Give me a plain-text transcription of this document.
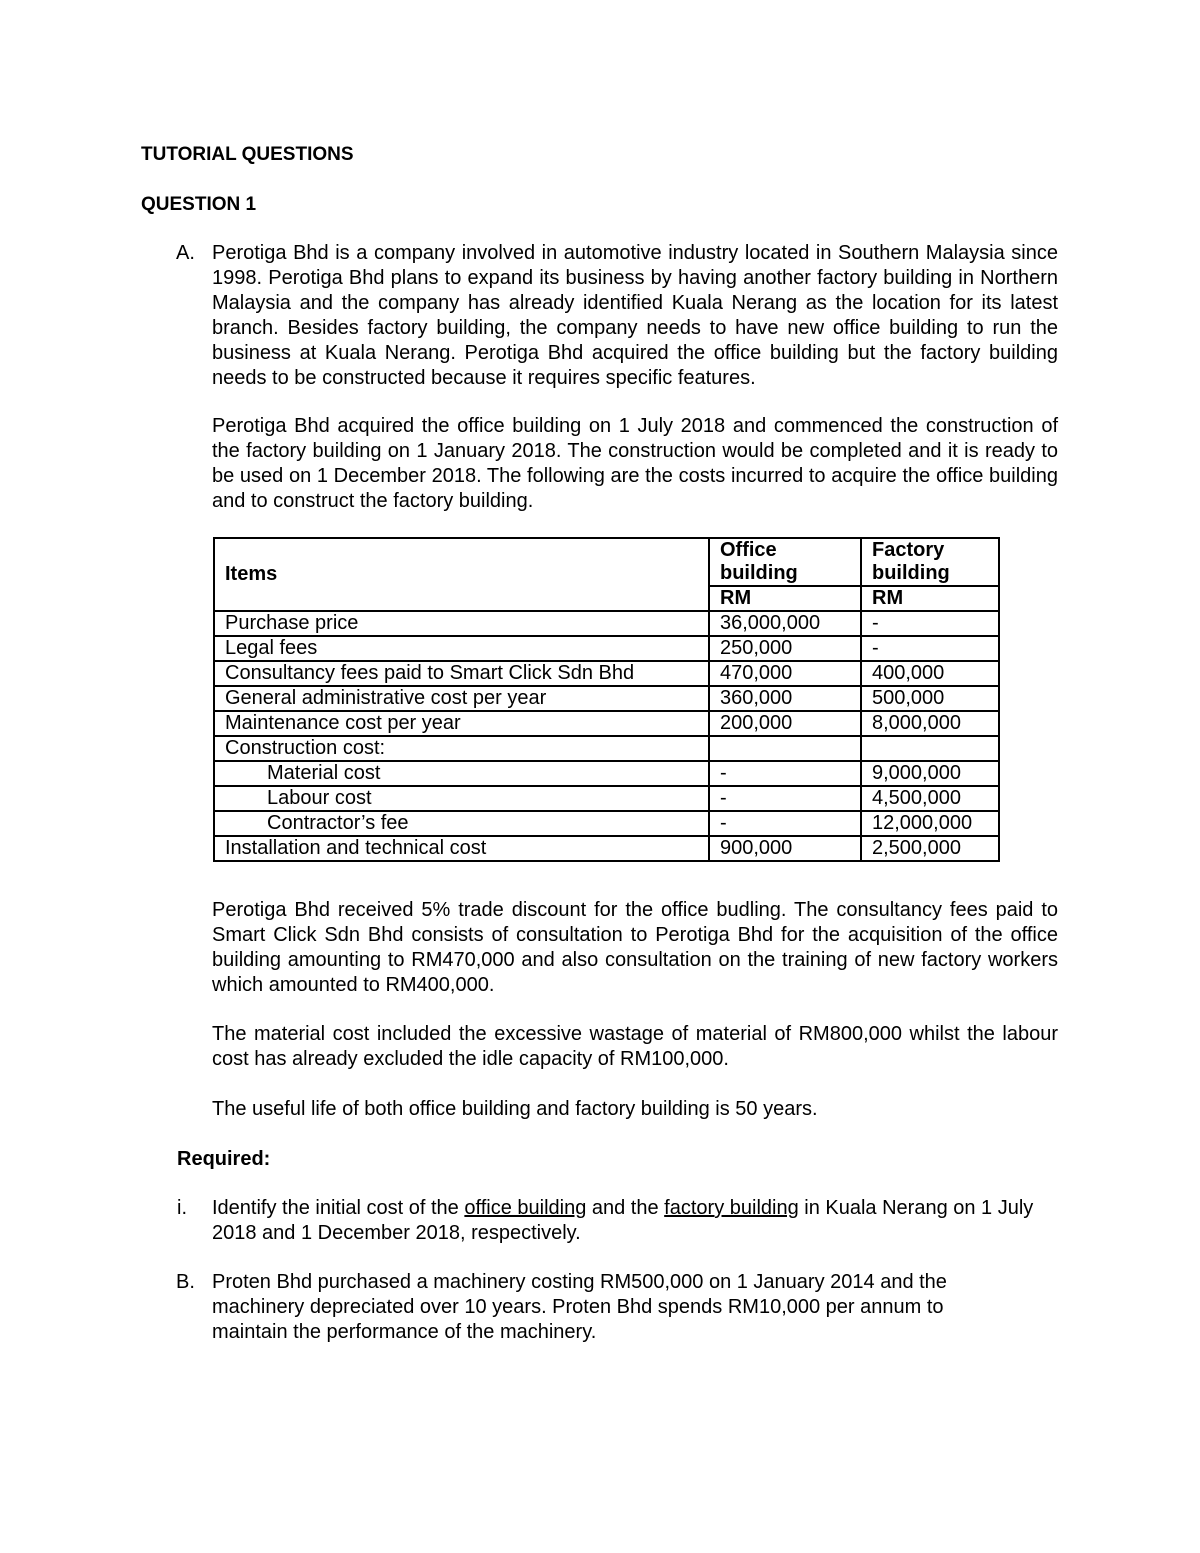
TUTORIAL QUESTIONS
QUESTION 1
A. Perotiga Bhd is a company involved in automotive industry located in Southern Malaysia since 1998. Perotiga Bhd plans to expand its business by having another factory building in Northern Malaysia and the company has already identified Kuala Nerang as the location for its latest branch. Besides factory building, the company needs to have new office building to run the business at Kuala Nerang. Perotiga Bhd acquired the office building but the factory building needs to be constructed because it requires specific features.

Perotiga Bhd acquired the office building on 1 July 2018 and commenced the construction of the factory building on 1 January 2018. The construction would be completed and it is ready to be used on 1 December 2018. The following are the costs incurred to acquire the office building and to construct the factory building.

Items	Office building	Factory building
	RM	RM
Purchase price	36,000,000	-
Legal fees	250,000	-
Consultancy fees paid to Smart Click Sdn Bhd	470,000	400,000
General administrative cost per year	360,000	500,000
Maintenance cost per year	200,000	8,000,000
Construction cost:		
Material cost	-	9,000,000
Labour cost	-	4,500,000
Contractor’s fee	-	12,000,000
Installation and technical cost	900,000	2,500,000

Perotiga Bhd received 5% trade discount for the office budling. The consultancy fees paid to Smart Click Sdn Bhd consists of consultation to Perotiga Bhd for the acquisition of the office building amounting to RM470,000 and also consultation on the training of new factory workers which amounted to RM400,000.

The material cost included the excessive wastage of material of RM800,000 whilst the labour cost has already excluded the idle capacity of RM100,000.

The useful life of both office building and factory building is 50 years.

Required:
i. Identify the initial cost of the office building and the factory building in Kuala Nerang on 1 July 2018 and 1 December 2018, respectively.

B. Proten Bhd purchased a machinery costing RM500,000 on 1 January 2014 and the machinery depreciated over 10 years. Proten Bhd spends RM10,000 per annum to maintain the performance of the machinery.
